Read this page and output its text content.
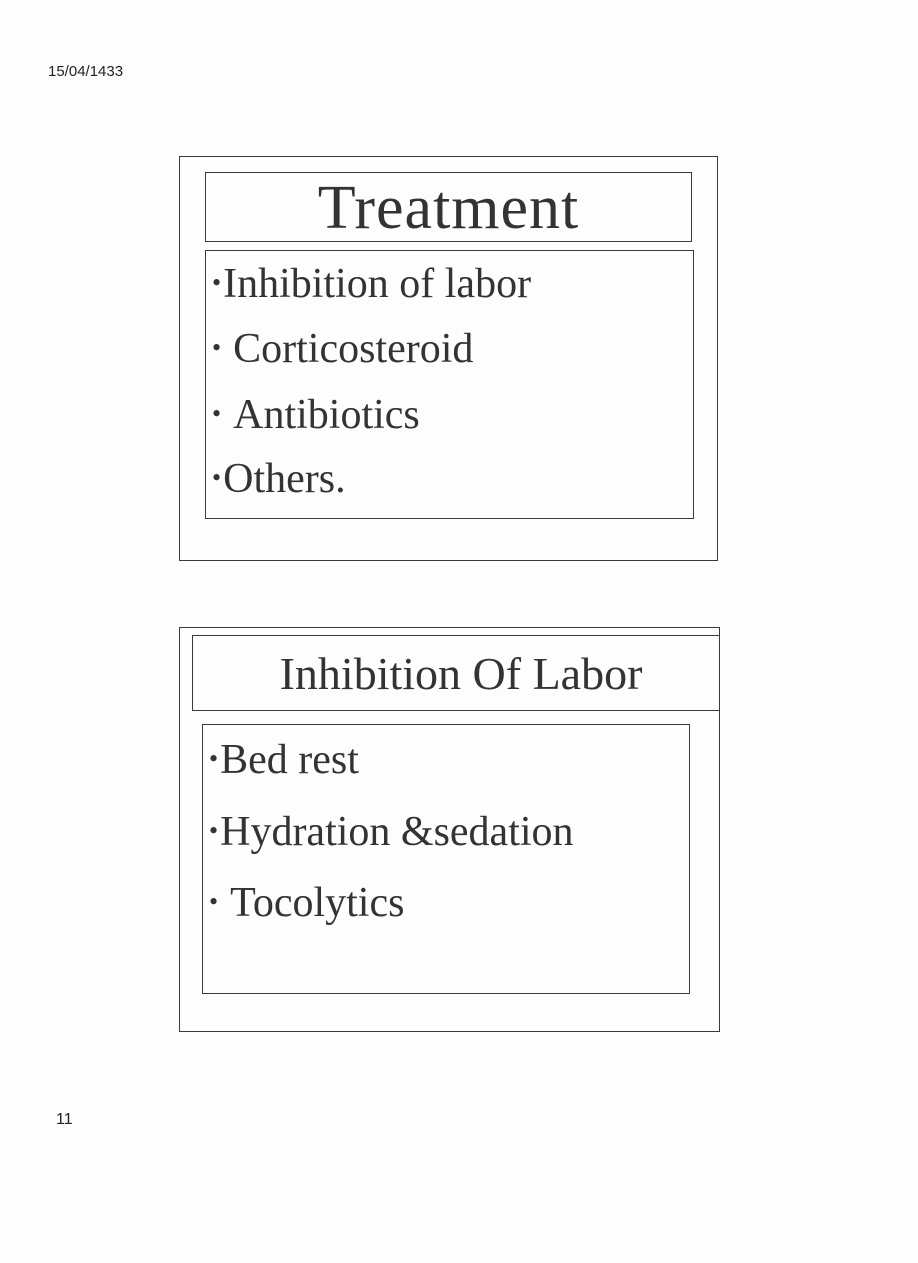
15/04/1433
Treatment
•Inhibition of labor
• Corticosteroid
• Antibiotics
•Others.
Inhibition Of Labor
•Bed rest
•Hydration &sedation
• Tocolytics
11
